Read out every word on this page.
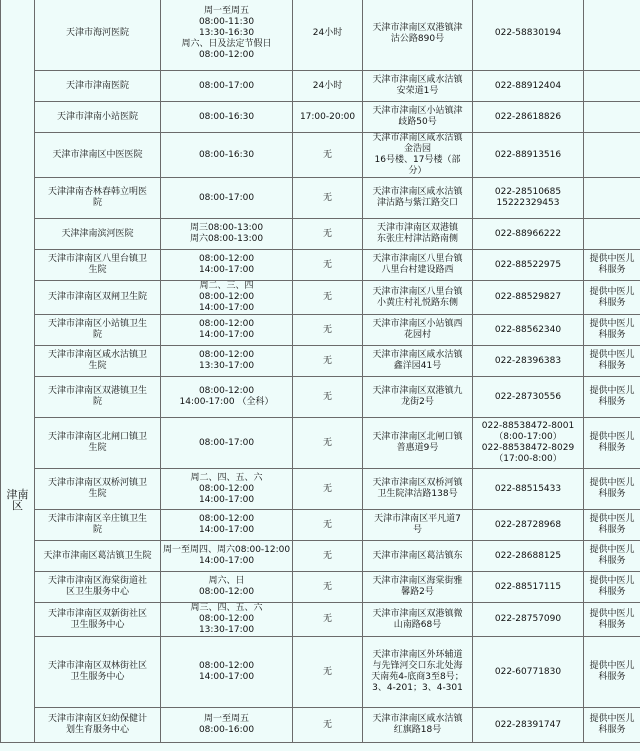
津南区	天津市海河医院	周一至周五
08:00-11:30
13:30-16:30
周六、日及法定节假日
08:00-12:00	24小时	天津市津南区双港镇津
沽公路890号	022-58830194	

	天津市津南医院	08:00-17:00	24小时	天津市津南区咸水沽镇
安荣道1号	022-88912404	

	天津市津南小站医院	08:00-16:30	17:00-20:00	天津市津南区小站镇津
歧路50号	022-28618826	

	天津市津南区中医医院	08:00-16:30	无	天津市津南区咸水沽镇
金浩园
16号楼、17号楼（部
分）	022-88913516	

	天津津南杏林春韩立明医
院	08:00-17:00	无	天津市津南区咸水沽镇
津沽路与紫江路交口	022-28510685
15222329453	

	天津津南滨河医院	周三08:00-13:00
周六08:00-13:00	无	天津市津南区双港镇
东张庄村津沽路南侧	022-88966222	

	天津市津南区八里台镇卫
生院	08:00-12:00
14:00-17:00	无	天津市津南区八里台镇
八里台村建设路西	022-88522975	提供中医儿
科服务

	天津市津南区双闸卫生院	周二、三、四
08:00-12:00
14:00-17:00	无	天津市津南区八里台镇
小黄庄村礼悦路东侧	022-88529827	提供中医儿
科服务

	天津市津南区小站镇卫生
院	08:00-12:00
14:00-17:00	无	天津市津南区小站镇西
花园村	022-88562340	提供中医儿
科服务

	天津市津南区咸水沽镇卫
生院	08:00-12:00
13:30-17:00	无	天津市津南区咸水沽镇
鑫洋园41号	022-28396383	提供中医儿
科服务

	天津市津南区双港镇卫生
院	08:00-12:00
14:00-17:00 （全科）	无	天津市津南区双港镇九
龙街2号	022-28730556	提供中医儿
科服务

	天津市津南区北闸口镇卫
生院	08:00-17:00	无	天津市津南区北闸口镇
普惠道9号	022-88538472-8001
（8:00-17:00）
022-88538472-8029
（17:00-8:00）	提供中医儿
科服务

	天津市津南区双桥河镇卫
生院	周二、四、五、六
08:00-12:00
14:00-17:00	无	天津市津南区双桥河镇
卫生院津沽路138号	022-88515433	提供中医儿
科服务

	天津市津南区辛庄镇卫生
院	08:00-12:00
14:00-17:00	无	天津市津南区平凡道7
号	022-28728968	提供中医儿
科服务

	天津市津南区葛沽镇卫生院	周一至周四、周六08:00-12:00
14:00-17:00	无	天津市津南区葛沽镇东	022-28688125	提供中医儿
科服务

	天津市津南区海棠街道社
区卫生服务中心	周六、日
08:00-12:00	无	天津市津南区海棠街雅
馨路2号	022-88517115	提供中医儿
科服务

	天津市津南区双新街社区
卫生服务中心	周三、四、五、六
08:00-12:00
13:30-17:00	无	天津市津南区双港镇微
山南路68号	022-28757090	提供中医儿
科服务

	天津市津南区双林街社区
卫生服务中心	08:00-12:00
14:00-17:00	无	天津市津南区外环辅道
与先锋河交口东北处海
天南苑4-底商3至8号；
3、4-201；3、4-301	022-60771830	提供中医儿
科服务

	天津市津南区妇幼保健计
划生育服务中心	周一至周五
08:00-16:00	无	天津市津南区咸水沽镇
红旗路18号	022-28391747	提供中医儿
科服务
